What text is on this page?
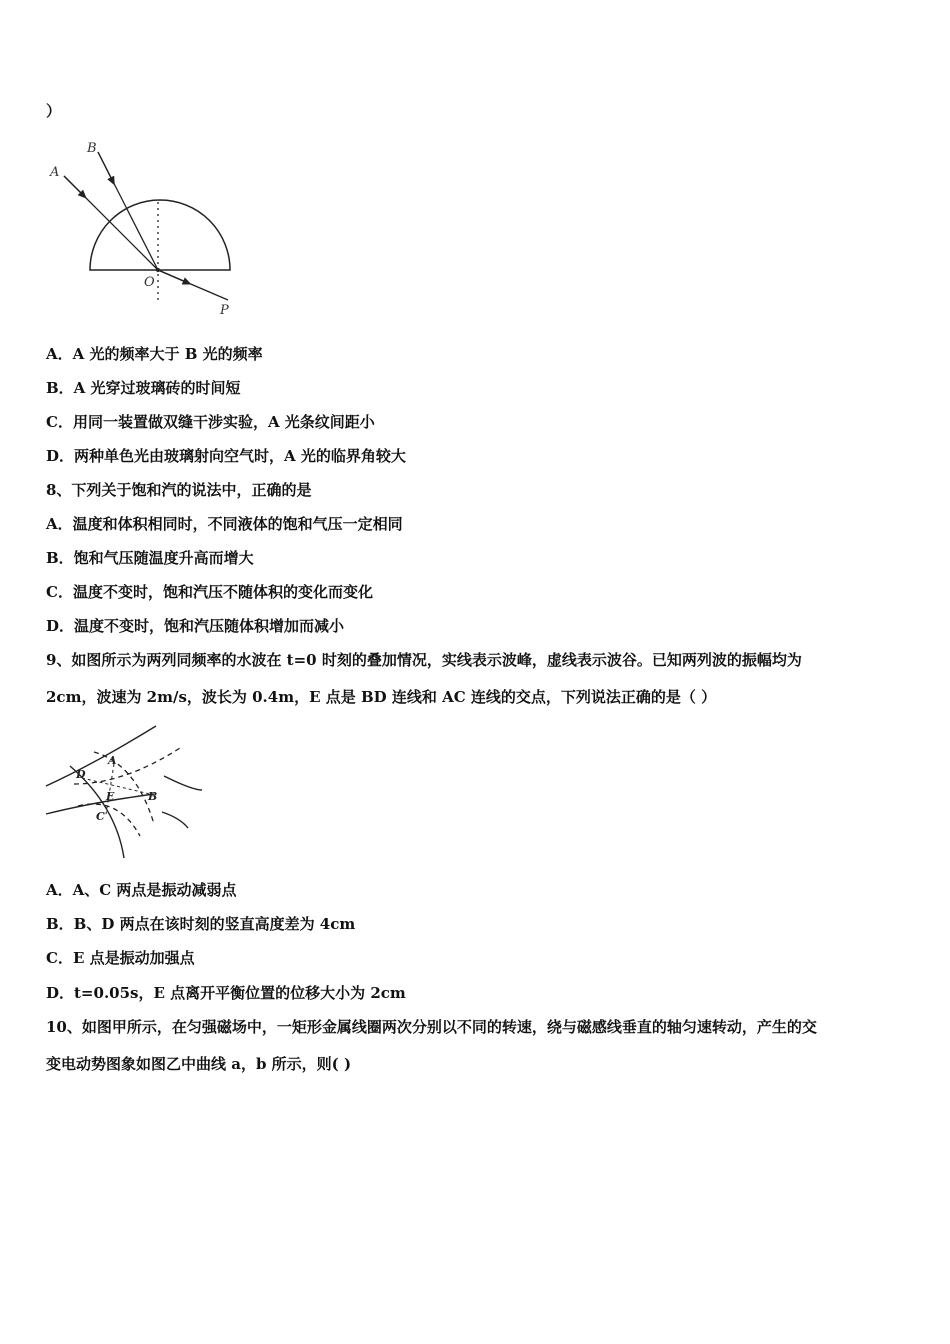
）
A
B
O
P
A．A 光的频率大于 B 光的频率
B．A 光穿过玻璃砖的时间短
C．用同一装置做双缝干涉实验，A 光条纹间距小
D．两种单色光由玻璃射向空气时，A 光的临界角较大
8、下列关于饱和汽的说法中，正确的是
A．温度和体积相同时，不同液体的饱和气压一定相同
B．饱和气压随温度升高而增大
C．温度不变时，饱和汽压不随体积的变化而变化
D．温度不变时，饱和汽压随体积增加而减小
9、如图所示为两列同频率的水波在 t=0 时刻的叠加情况，实线表示波峰，虚线表示波谷。已知两列波的振幅均为
2cm，波速为 2m/s，波长为 0.4m，E 点是 BD 连线和 AC 连线的交点，下列说法正确的是（ ）
D
A
E	B
C
A．A、C 两点是振动减弱点
B．B、D 两点在该时刻的竖直高度差为 4cm
C．E 点是振动加强点
D．t=0.05s，E 点离开平衡位置的位移大小为 2cm
10、如图甲所示，在匀强磁场中，一矩形金属线圈两次分别以不同的转速，绕与磁感线垂直的轴匀速转动，产生的交
变电动势图象如图乙中曲线 a，b 所示，则( )
